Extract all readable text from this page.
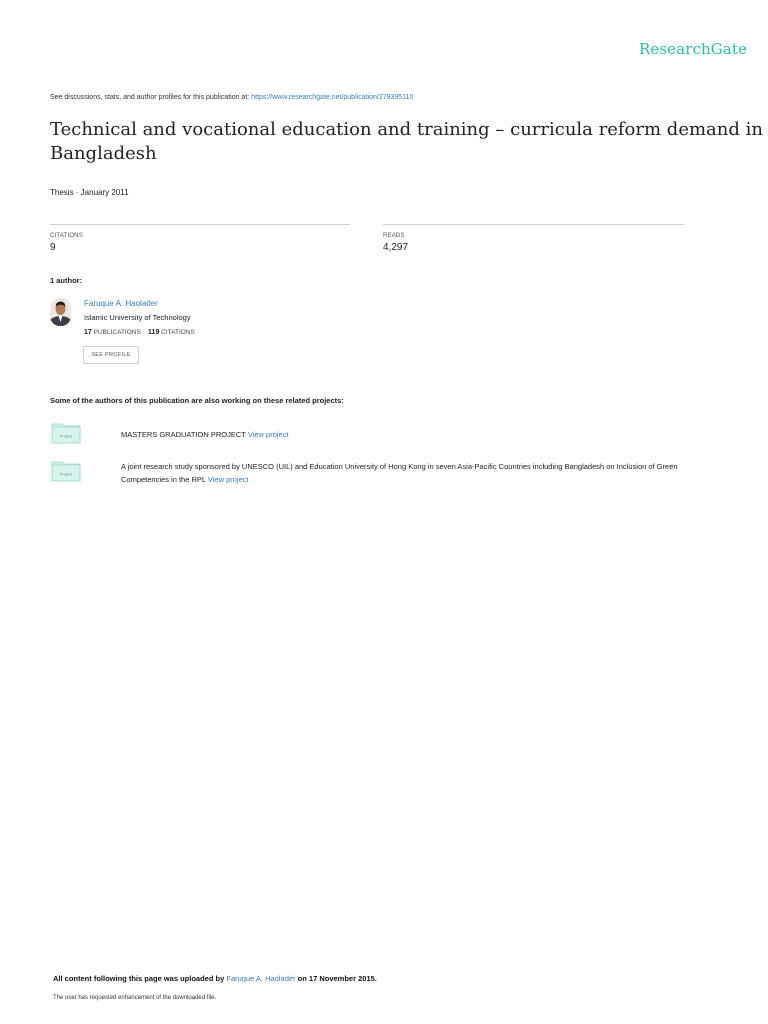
ResearchGate
See discussions, stats, and author profiles for this publication at: https://www.researchgate.net/publication/279395110
Technical and vocational education and training – curricula reform demand in
Bangladesh
Thesis · January 2011
CITATIONS
9
READS
4,297
1 author:
Faruque A. Haolader
Islamic University of Technology
17 PUBLICATIONS 119 CITATIONS
SEE PROFILE
Some of the authors of this publication are also working on these related projects:
Project	MASTERS GRADUATION PROJECT View project
Project
A joint research study sponsored by UNESCO (UIL) and Education University of Hong Kong in seven Asia-Pacific Countries including Bangladesh on Inclusion of Green
Competencies in the RPL View project
All content following this page was uploaded by Faruque A. Haolader on 17 November 2015.
The user has requested enhancement of the downloaded file.
